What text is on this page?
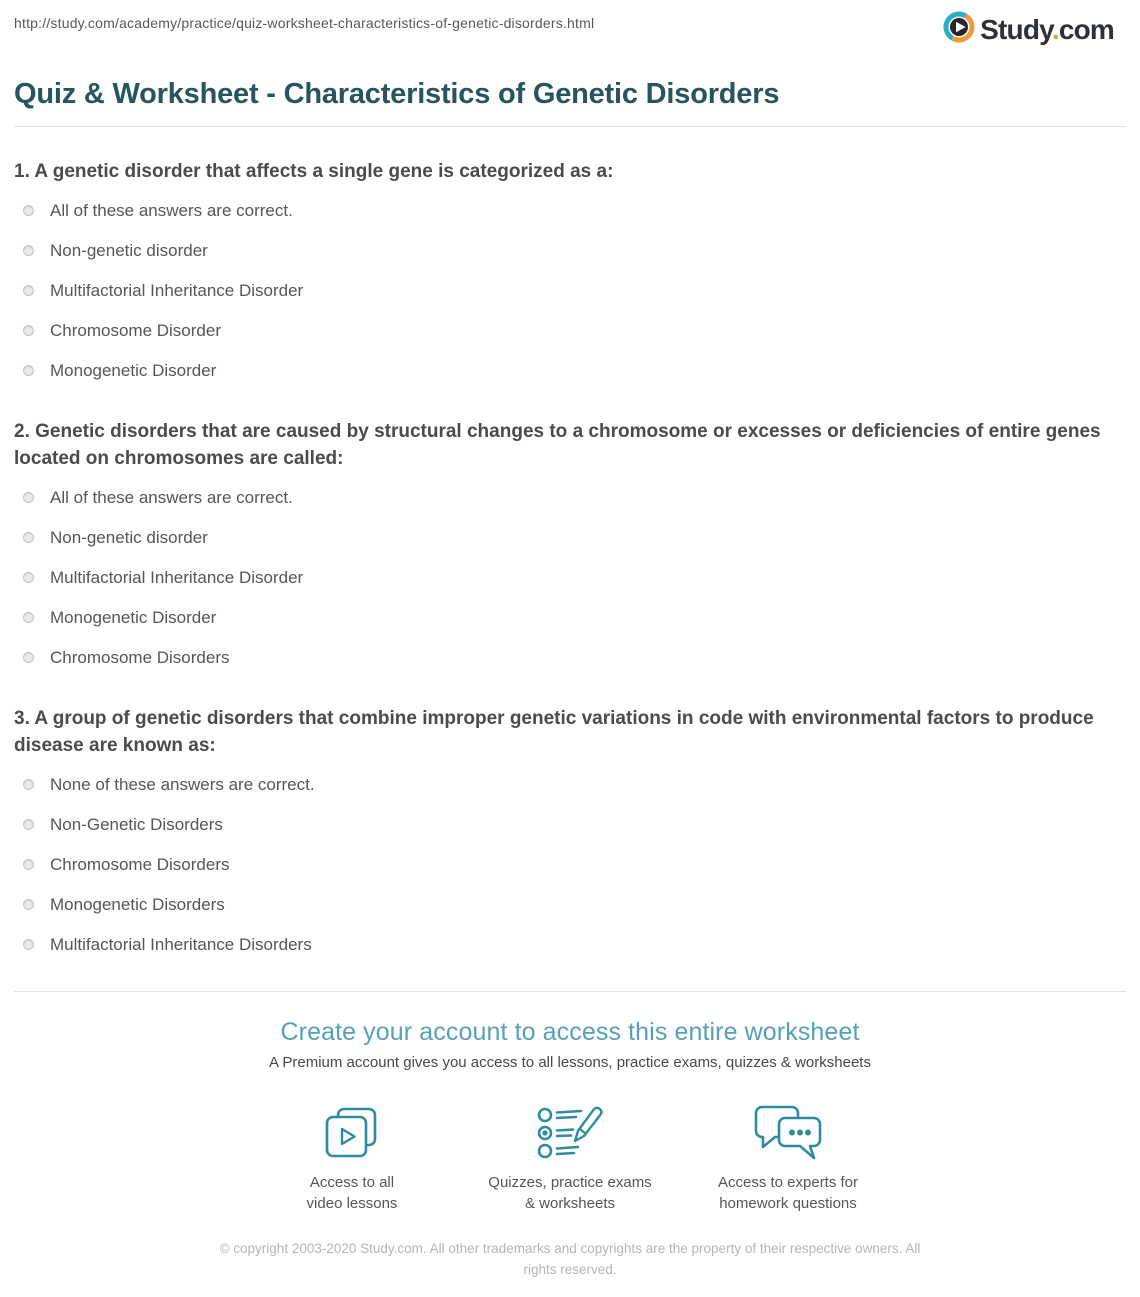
http://study.com/academy/practice/quiz-worksheet-characteristics-of-genetic-disorders.html	Study.com
Quiz & Worksheet - Characteristics of Genetic Disorders
1. A genetic disorder that affects a single gene is categorized as a:
All of these answers are correct.
Non-genetic disorder
Multifactorial Inheritance Disorder
Chromosome Disorder
Monogenetic Disorder
2. Genetic disorders that are caused by structural changes to a chromosome or excesses or deficiencies of entire genes located on chromosomes are called:
All of these answers are correct.
Non-genetic disorder
Multifactorial Inheritance Disorder
Monogenetic Disorder
Chromosome Disorders
3. A group of genetic disorders that combine improper genetic variations in code with environmental factors to produce disease are known as:
None of these answers are correct.
Non-Genetic Disorders
Chromosome Disorders
Monogenetic Disorders
Multifactorial Inheritance Disorders
Create your account to access this entire worksheet

A Premium account gives you access to all lessons, practice exams, quizzes & worksheets

Access to all
video lessons
Quizzes, practice exams
& worksheets
Access to experts for
homework questions
© copyright 2003-2020 Study.com. All other trademarks and copyrights are the property of their respective owners. All rights reserved.
